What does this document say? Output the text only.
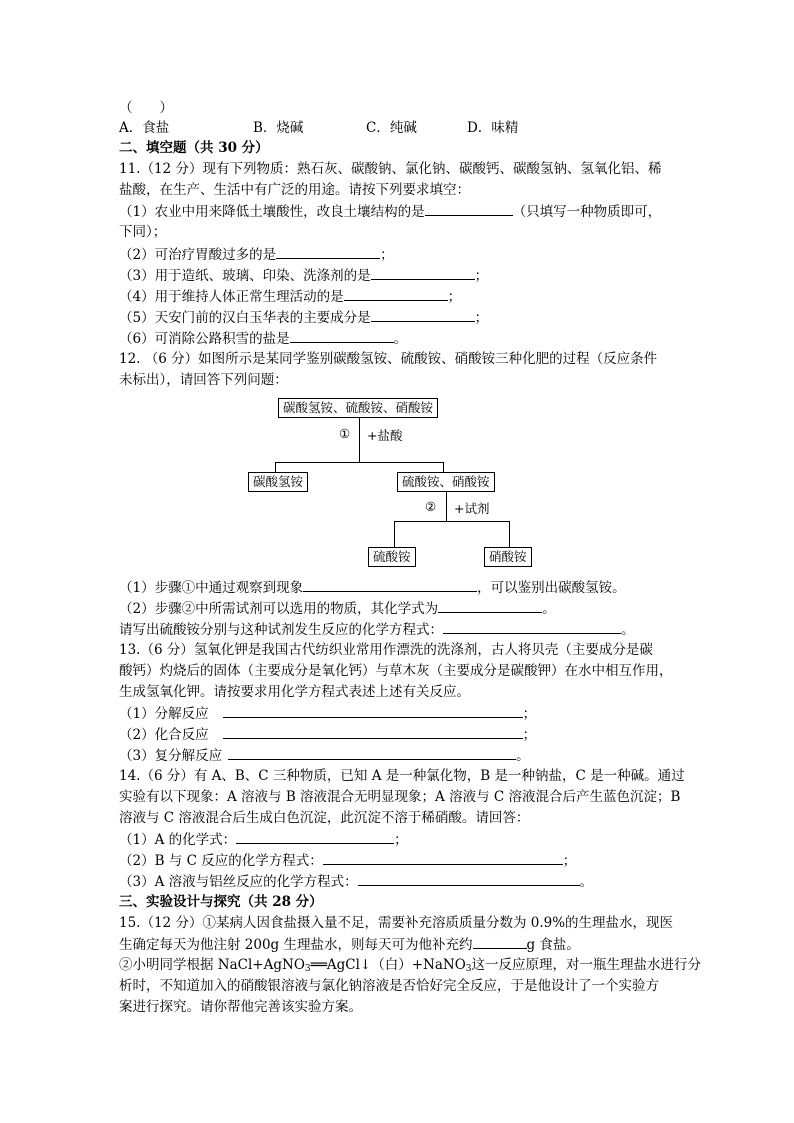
（　　）
A．食盐	B．烧碱	C．纯碱	D．味精
二、填空题（共 30 分）
11.（12 分）现有下列物质：熟石灰、碳酸钠、氯化钠、碳酸钙、碳酸氢钠、氢氧化铝、稀
盐酸，在生产、生活中有广泛的用途。请按下列要求填空：
（1）农业中用来降低土壤酸性，改良土壤结构的是	（只填写一种物质即可，
下同）；
（2）可治疗胃酸过多的是	；
（3）用于造纸、玻璃、印染、洗涤剂的是	；
（4）用于维持人体正常生理活动的是	；
（5）天安门前的汉白玉华表的主要成分是	；
（6）可消除公路积雪的盐是	。
12. （6 分）如图所示是某同学鉴别碳酸氢铵、硫酸铵、硝酸铵三种化肥的过程（反应条件
未标出），请回答下列问题：
碳酸氢铵、硫酸铵、硝酸铵
① +盐酸
碳酸氢铵	硫酸铵、硝酸铵
② +试剂
硫酸铵	硝酸铵
（1）步骤①中通过观察到现象	，可以鉴别出碳酸氢铵。
（2）步骤②中所需试剂可以选用的物质，其化学式为	。
请写出硫酸铵分别与这种试剂发生反应的化学方程式：	。
13.（6 分）氢氧化钾是我国古代纺织业常用作漂洗的洗涤剂，古人将贝壳（主要成分是碳
酸钙）灼烧后的固体（主要成分是氧化钙）与草木灰（主要成分是碳酸钾）在水中相互作用，
生成氢氧化钾。请按要求用化学方程式表述上述有关反应。
（1）分解反应	；
（2）化合反应	；
（3）复分解反应	。
14.（6 分）有 A、B、C 三种物质，已知 A 是一种氯化物，B 是一种钠盐，C 是一种碱。通过
实验有以下现象：A 溶液与 B 溶液混合无明显现象；A 溶液与 C 溶液混合后产生蓝色沉淀；B
溶液与 C 溶液混合后生成白色沉淀，此沉淀不溶于稀硝酸。请回答：
（1）A 的化学式：	；
（2）B 与 C 反应的化学方程式：	；
（3）A 溶液与铝丝反应的化学方程式：	。
三、实验设计与探究（共 28 分）
15.（12 分）①某病人因食盐摄入量不足，需要补充溶质质量分数为 0.9%的生理盐水，现医
生确定每天为他注射 200g 生理盐水，则每天可为他补充约	g 食盐。
②小明同学根据 NaCl+AgNO$_3$══AgCl↓（白）+NaNO$_3$这一反应原理，对一瓶生理盐水进行分
析时，不知道加入的硝酸银溶液与氯化钠溶液是否恰好完全反应，于是他设计了一个实验方
案进行探究。请你帮他完善该实验方案。
